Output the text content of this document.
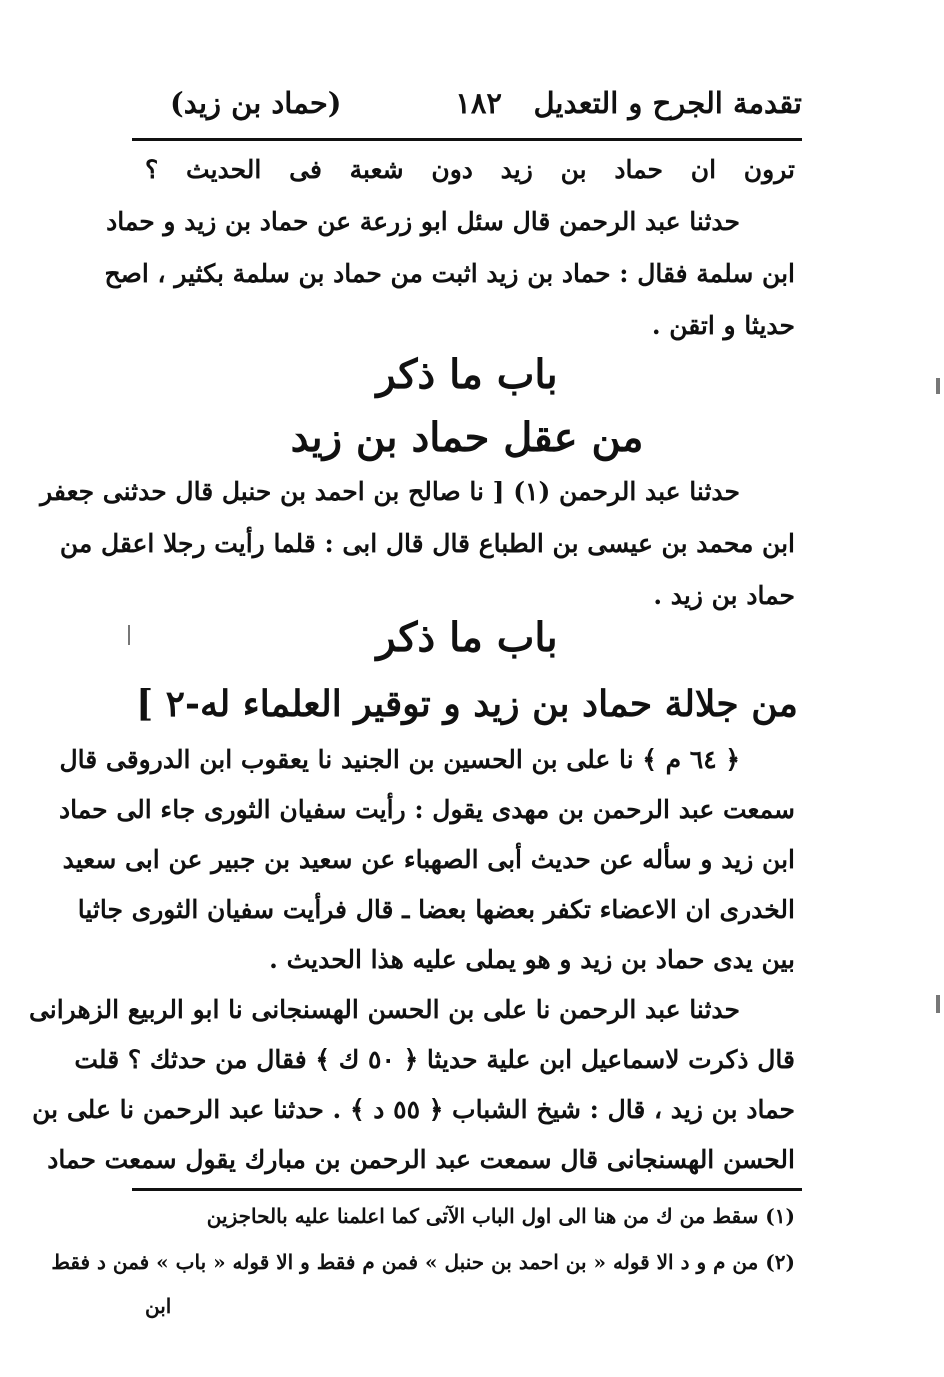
تقدمة الجرح و التعديل
١٨٢
(حماد بن زيد)
ترون ان حماد بن زيد دون شعبة فى الحديث ؟
حدثنا عبد الرحمن قال سئل ابو زرعة عن حماد بن زيد و حماد
ابن سلمة فقال : حماد بن زيد اثبت من حماد بن سلمة بكثير ، اصح
حديثا و اتقن .
باب ما ذكر
من عقل حماد بن زيد
حدثنا عبد الرحمن (١) [ نا صالح بن احمد بن حنبل قال حدثنى جعفر
ابن محمد بن عيسى بن الطباع قال قال ابى : قلما رأيت رجلا اعقل من
حماد بن زيد .
باب ما ذكر
من جلالة حماد بن زيد و توقير العلماء له-٢ ]
﴿ ٦٤ م ﴾ نا على بن الحسين بن الجنيد نا يعقوب ابن الدروقى قال
سمعت عبد الرحمن بن مهدى يقول : رأيت سفيان الثورى جاء الى حماد
ابن زيد و سأله عن حديث أبى الصهباء عن سعيد بن جبير عن ابى سعيد
الخدرى ان الاعضاء تكفر بعضها بعضا ـ قال فرأيت سفيان الثورى جاثيا
بين يدى حماد بن زيد و هو يملى عليه هذا الحديث .
حدثنا عبد الرحمن نا على بن الحسن الهسنجانى نا ابو الربيع الزهرانى
قال ذكرت لاسماعيل ابن علية حديثا ﴿ ٥٠ ك ﴾ فقال من حدثك ؟ قلت
حماد بن زيد ، قال : شيخ الشباب ﴿ ٥٥ د ﴾ . حدثنا عبد الرحمن نا على بن
الحسن الهسنجانى قال سمعت عبد الرحمن بن مبارك يقول سمعت حماد
(١) سقط من ك من هنا الى اول الباب الآتى كما اعلمنا عليه بالحاجزين
(٢) من م و د الا قوله « بن احمد بن حنبل » فمن م فقط و الا قوله « باب » فمن د فقط
ابن
